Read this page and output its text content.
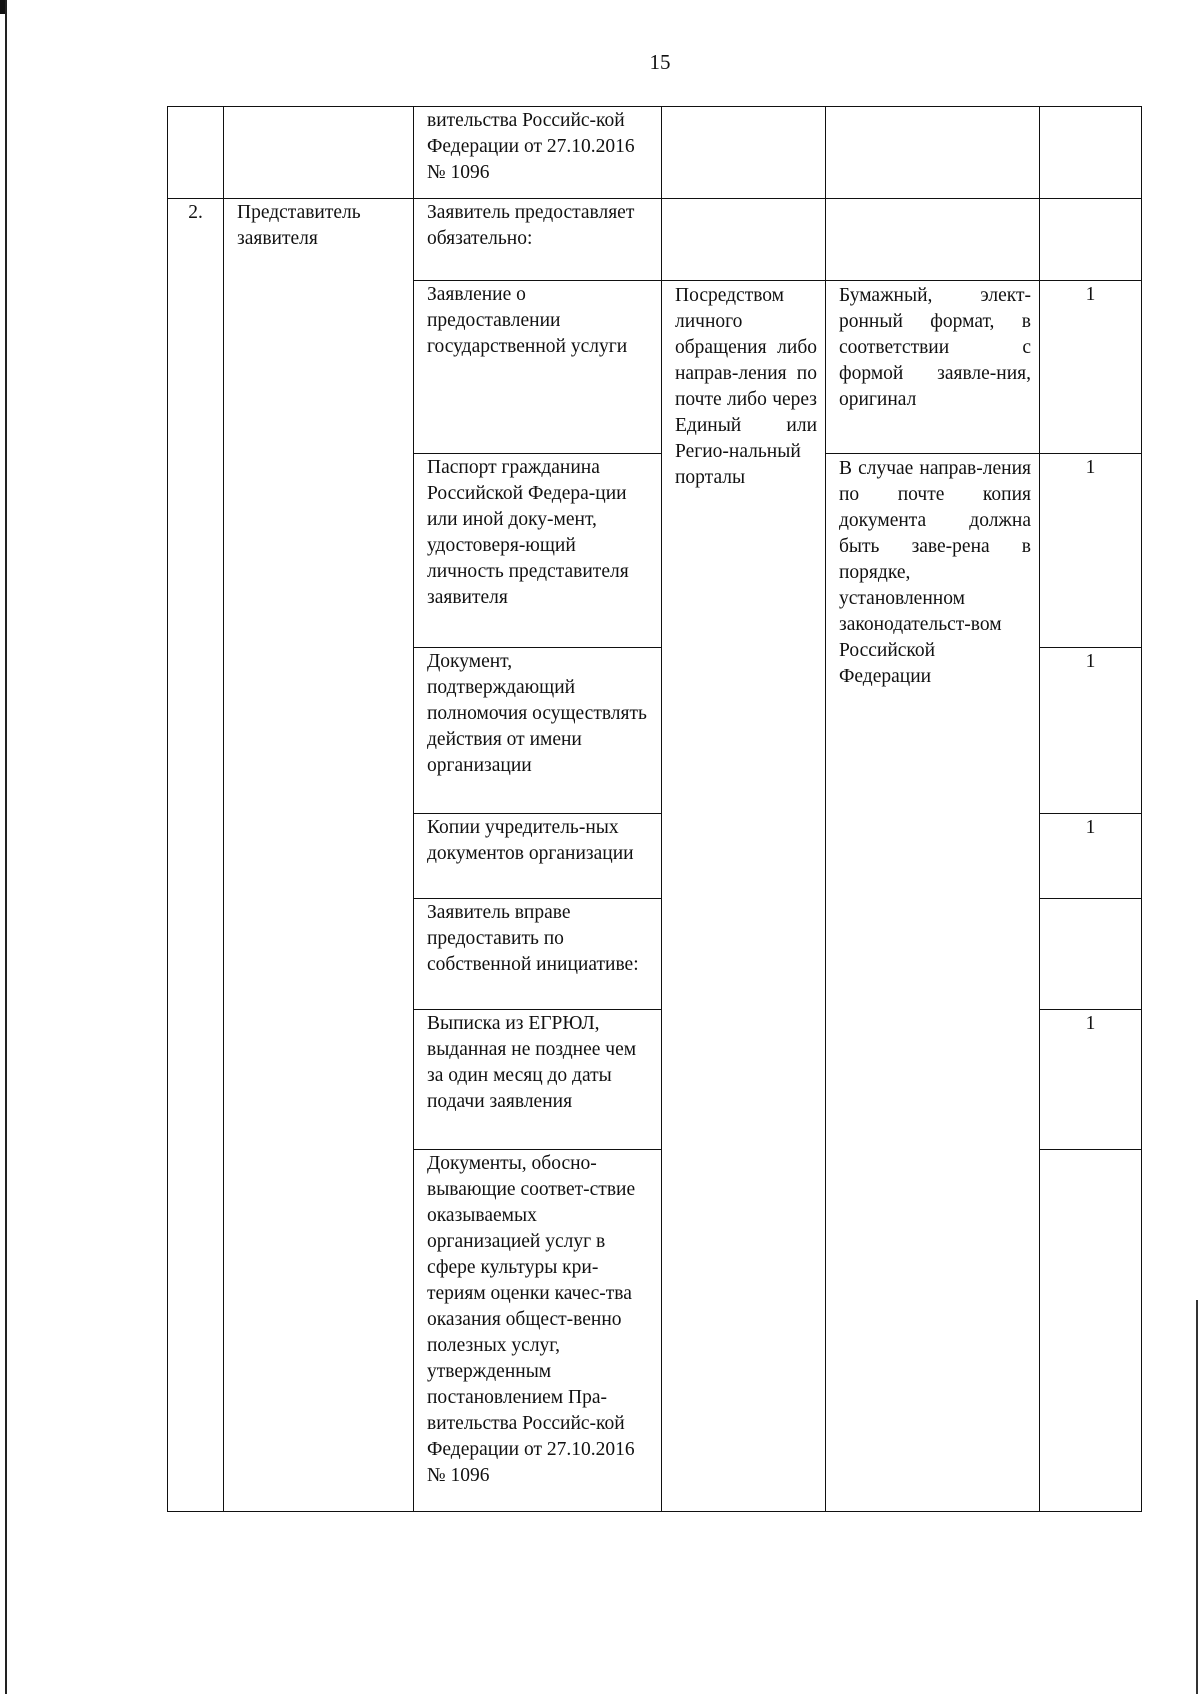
15
		вительства Российс-кой Федерации от 27.10.2016 № 1096			
2.	Представитель заявителя	Заявитель предоставляет обязательно:			
		Заявление о предоставлении государственной услуги	Посредством личного обращения либо направ-ления по почте либо через Единый или Регио-нальный порталы	Бумажный, элект-ронный формат, в соответствии с формой заявле-ния, оригинал	1
		Паспорт гражданина Российской Федера-ции или иной доку-мент, удостоверя-ющий личность представителя заявителя		В случае направ-ления по почте копия документа должна быть заве-рена в порядке, установленном законодательст-вом Российской Федерации	1
		Документ, подтверждающий полномочия осуществлять действия от имени организации			1
		Копии учредитель-ных документов организации			1
		Заявитель вправе предоставить по собственной инициативе:			
		Выписка из ЕГРЮЛ, выданная не позднее чем за один месяц до даты подачи заявления			1
		Документы, обосно-вывающие соответ-ствие оказываемых организацией услуг в сфере культуры кри-териям оценки качес-тва оказания общест-венно полезных услуг, утвержденным постановлением Пра-вительства Российс-кой Федерации от 27.10.2016 № 1096			
